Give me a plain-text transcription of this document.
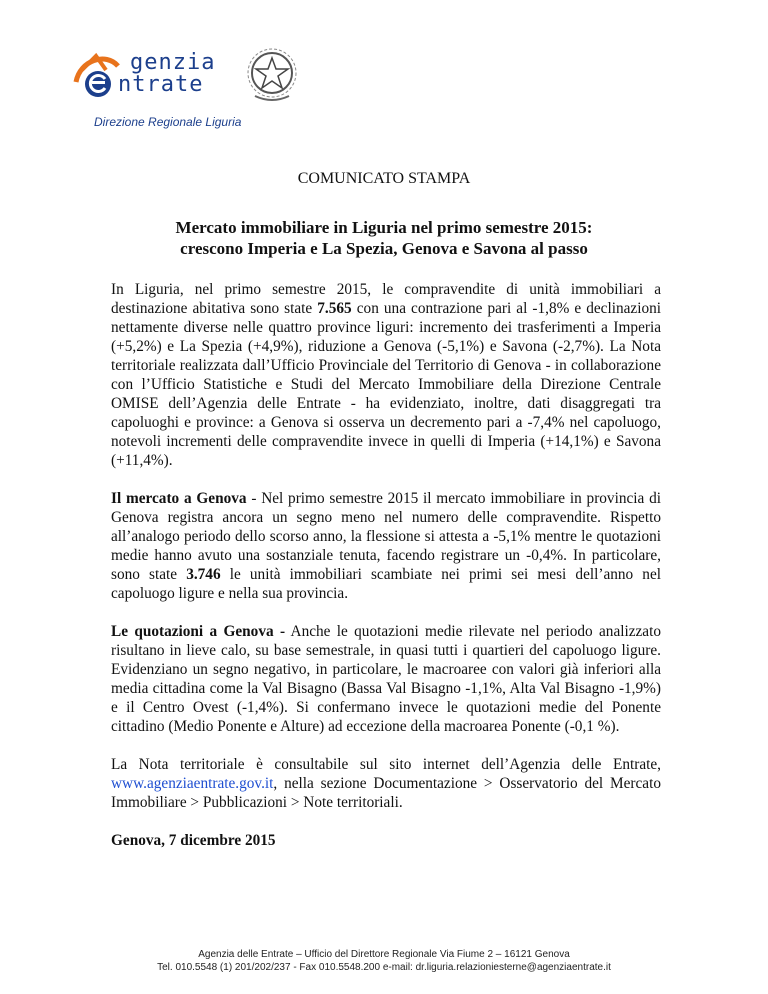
genzia
ntrate
Direzione Regionale Liguria
COMUNICATO STAMPA
Mercato immobiliare in Liguria nel primo semestre 2015:
crescono Imperia e La Spezia, Genova e Savona al passo

In Liguria, nel primo semestre 2015, le compravendite di unità immobiliari a destinazione abitativa sono state 7.565 con una contrazione pari al -1,8% e declinazioni nettamente diverse nelle quattro province liguri: incremento dei trasferimenti a Imperia (+5,2%) e La Spezia (+4,9%), riduzione a Genova (-5,1%) e Savona (-2,7%). La Nota territoriale realizzata dall’Ufficio Provinciale del Territorio di Genova - in collaborazione con l’Ufficio Statistiche e Studi del Mercato Immobiliare della Direzione Centrale OMISE dell’Agenzia delle Entrate - ha evidenziato, inoltre, dati disaggregati tra capoluoghi e province: a Genova si osserva un decremento pari a -7,4% nel capoluogo, notevoli incrementi delle compravendite invece in quelli di Imperia (+14,1%) e Savona (+11,4%).

Il mercato a Genova - Nel primo semestre 2015 il mercato immobiliare in provincia di Genova registra ancora un segno meno nel numero delle compravendite. Rispetto all’analogo periodo dello scorso anno, la flessione si attesta a -5,1% mentre le quotazioni medie hanno avuto una sostanziale tenuta, facendo registrare un -0,4%. In particolare, sono state 3.746 le unità immobiliari scambiate nei primi sei mesi dell’anno nel capoluogo ligure e nella sua provincia.

Le quotazioni a Genova - Anche le quotazioni medie rilevate nel periodo analizzato risultano in lieve calo, su base semestrale, in quasi tutti i quartieri del capoluogo ligure. Evidenziano un segno negativo, in particolare, le macroaree con valori già inferiori alla media cittadina come la Val Bisagno (Bassa Val Bisagno -1,1%, Alta Val Bisagno -1,9%) e il Centro Ovest (-1,4%). Si confermano invece le quotazioni medie del Ponente cittadino (Medio Ponente e Alture) ad eccezione della macroarea Ponente (-0,1 %).

La Nota territoriale è consultabile sul sito internet dell’Agenzia delle Entrate, www.agenziaentrate.gov.it, nella sezione Documentazione > Osservatorio del Mercato Immobiliare > Pubblicazioni > Note territoriali.

Genova, 7 dicembre 2015

Agenzia delle Entrate – Ufficio del Direttore Regionale Via Fiume 2 – 16121 Genova
Tel. 010.5548 (1) 201/202/237 - Fax 010.5548.200 e-mail: dr.liguria.relazioniesterne@agenziaentrate.it
